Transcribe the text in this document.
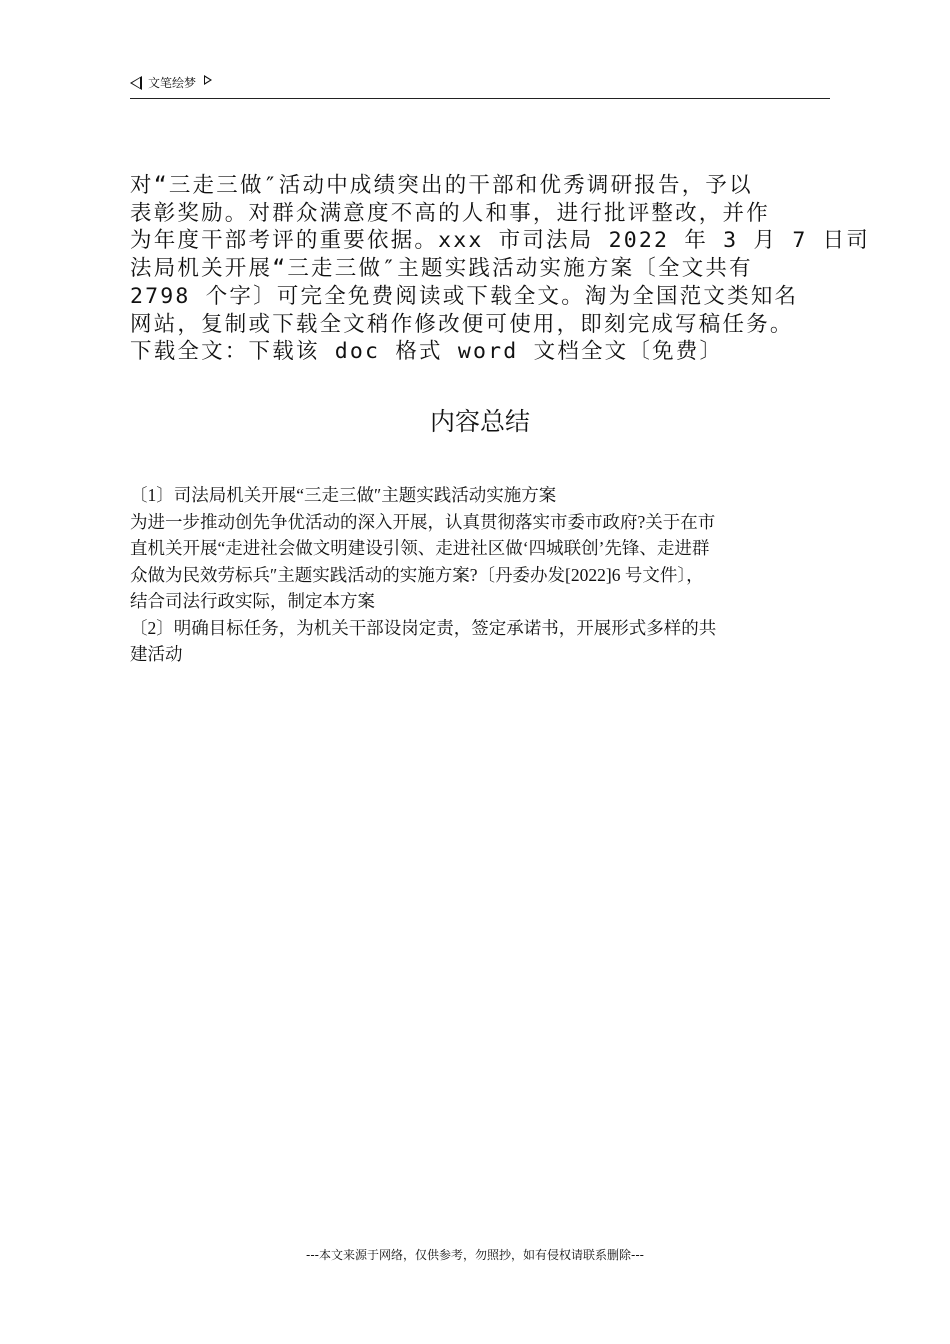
文笔绘梦
对“三走三做″活动中成绩突出的干部和优秀调研报告，予以
表彰奖励。对群众满意度不高的人和事，进行批评整改，并作
为年度干部考评的重要依据。xxx 市司法局 2022 年 3 月 7 日司
法局机关开展“三走三做″主题实践活动实施方案〔全文共有
2798 个字〕可完全免费阅读或下载全文。淘为全国范文类知名
网站，复制或下载全文稍作修改便可使用，即刻完成写稿任务。
下载全文：下载该 doc 格式 word 文档全文〔免费〕
内容总结
〔1〕司法局机关开展“三走三做″主题实践活动实施方案
为进一步推动创先争优活动的深入开展，认真贯彻落实市委市政府?关于在市
直机关开展“走进社会做文明建设引领、走进社区做‘四城联创’先锋、走进群
众做为民效劳标兵″主题实践活动的实施方案?〔丹委办发[2022]6 号文件〕，
结合司法行政实际，制定本方案
〔2〕明确目标任务，为机关干部设岗定责，签定承诺书，开展形式多样的共
建活动
---本文来源于网络，仅供参考，勿照抄，如有侵权请联系删除---
